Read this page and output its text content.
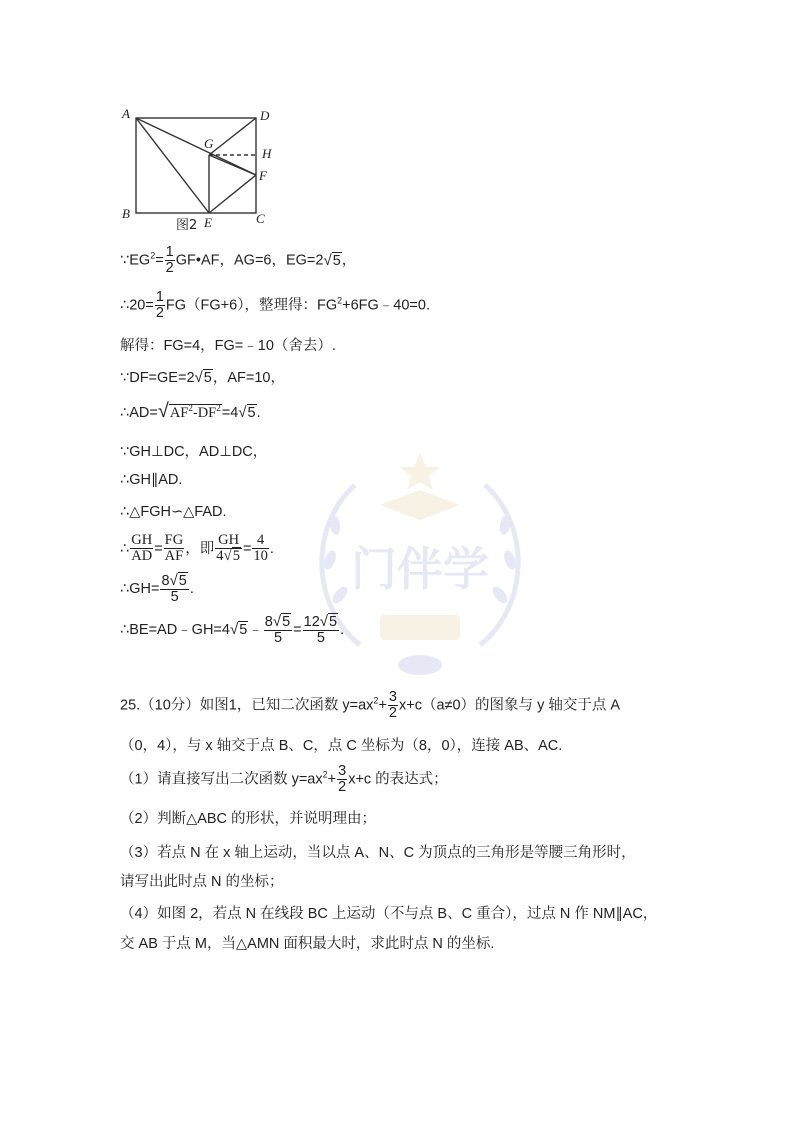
门伴学
A	D
G
H
F
B
E	C
图2
$\because EG^2= \frac{1}{2}$ GF•AF，AG=6，EG=2√5，
∴20= $\frac{1}{2} FG(FG+6)$，整理得：$FG^2+6FG﹣40=0$.
解得：FG=4，FG=﹣10（舍去）.
∵DF=GE=2√5，AF=10，
$\therefore AD=√AF^2-DF^2=4√5$.
∵GH⊥DC，AD⊥DC，
∴GH∥AD.
∴△FGH∽△FAD.
∴ $\frac{GH}{AD} = \frac{FG}{AF}$ ，即 $\frac{GH}{4√5} = \frac{4}{10}$ .
∴GH= $\frac{8√5}{5}$ .
∴BE=AD﹣GH=4√5﹣ $\frac{8√5}{5} = \frac{12√5}{5}$ .
25.（10分）如图1，已知二次函数 $y=ax^2+ \frac{3}{2} x+c(a\ne 0)$的图象与 y 轴交于点 A
（0，4），与 x 轴交于点 B、C，点 C 坐标为（8，0），连接 AB、AC.
（1）请直接写出二次函数 $y=ax^2+ \frac{3}{2} x+c$ 的表达式；
（2）判断△ABC 的形状，并说明理由；
（3）若点 N 在 x 轴上运动，当以点 A、N、C 为顶点的三角形是等腰三角形时，
请写出此时点 N 的坐标；
（4）如图 2，若点 N 在线段 BC 上运动（不与点 B、C 重合），过点 N 作 NM∥AC，
交 AB 于点 M，当△AMN 面积最大时，求此时点 N 的坐标.
